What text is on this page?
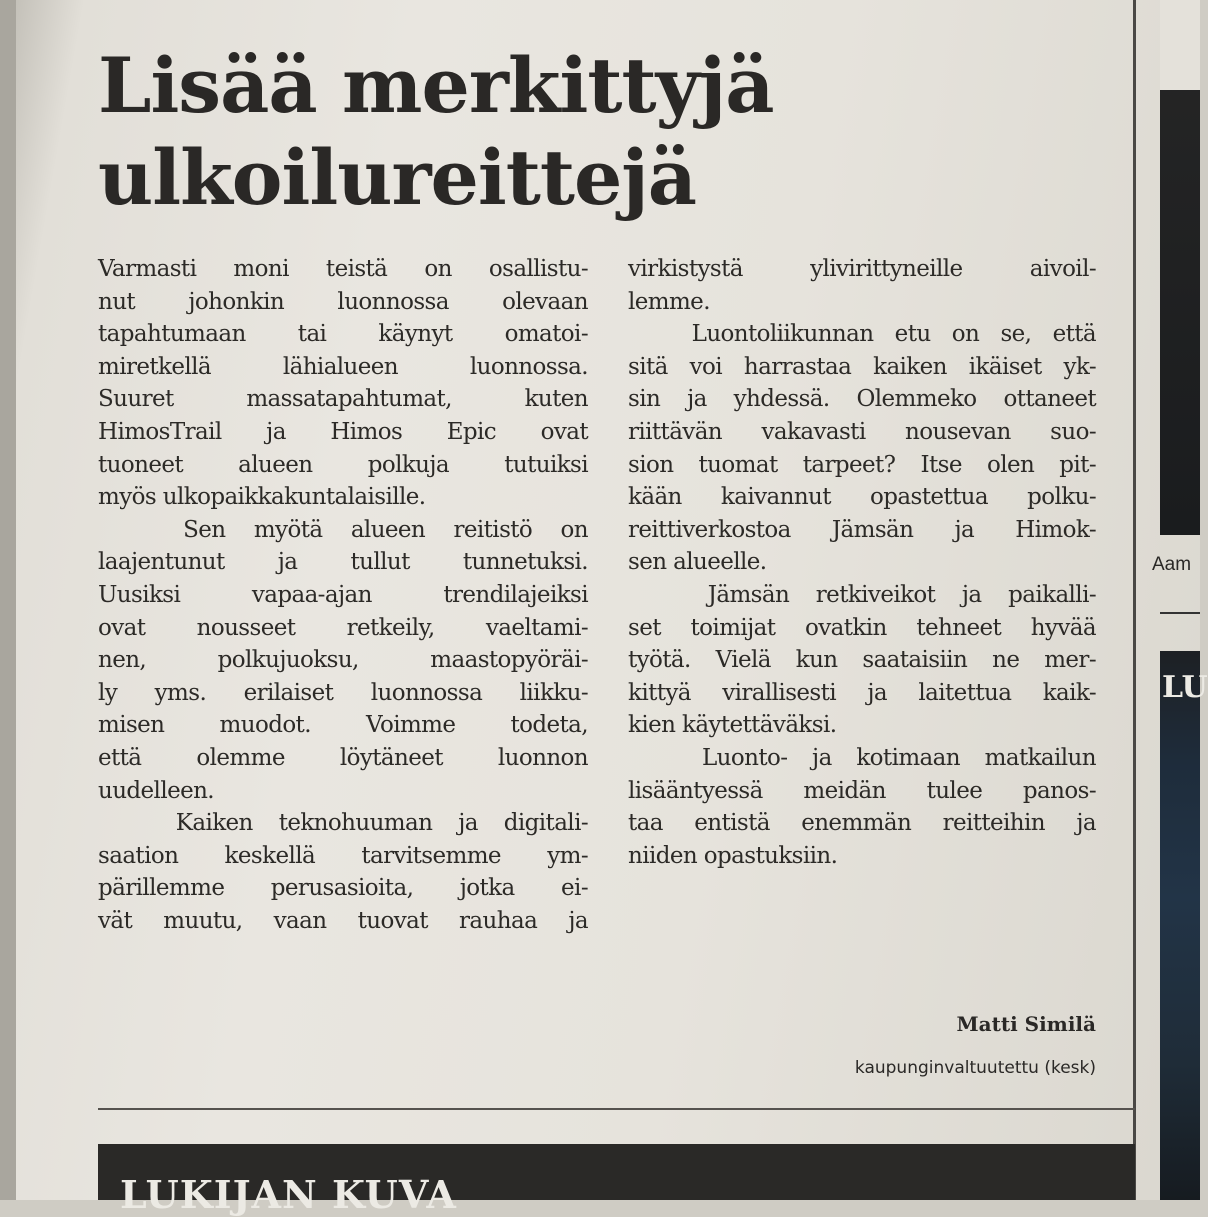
Lisää merkittyjä
ulkoilureittejä
Varmasti moni teistä on osallistu-
nut johonkin luonnossa olevaan
tapahtumaan tai käynyt omatoi-
miretkellä lähialueen luonnossa.
Suuret massatapahtumat, kuten
HimosTrail ja Himos Epic ovat
tuoneet alueen polkuja tutuiksi
myös ulkopaikkakuntalaisille.
Sen myötä alueen reitistö on
laajentunut ja tullut tunnetuksi.
Uusiksi vapaa-ajan trendilajeiksi
ovat nousseet retkeily, vaeltami-
nen, polkujuoksu, maastopyöräi-
ly yms. erilaiset luonnossa liikku-
misen muodot. Voimme todeta,
että olemme löytäneet luonnon
uudelleen.
Kaiken teknohuuman ja digitali-
saation keskellä tarvitsemme ym-
pärillemme perusasioita, jotka ei-
vät muutu, vaan tuovat rauhaa ja
virkistystä ylivirittyneille aivoil-
lemme.
Luontoliikunnan etu on se, että
sitä voi harrastaa kaiken ikäiset yk-
sin ja yhdessä. Olemmeko ottaneet
riittävän vakavasti nousevan suo-
sion tuomat tarpeet? Itse olen pit-
kään kaivannut opastettua polku-
reittiverkostoa Jämsän ja Himok-
sen alueelle.
Jämsän retkiveikot ja paikalli-
set toimijat ovatkin tehneet hyvää
työtä. Vielä kun saataisiin ne mer-
kittyä virallisesti ja laitettua kaik-
kien käytettäväksi.
Luonto- ja kotimaan matkailun
lisääntyessä meidän tulee panos-
taa entistä enemmän reitteihin ja
niiden opastuksiin.
Matti Similä
kaupunginvaltuutettu (kesk)
LUKIJAN KUVA
Aam
LU
